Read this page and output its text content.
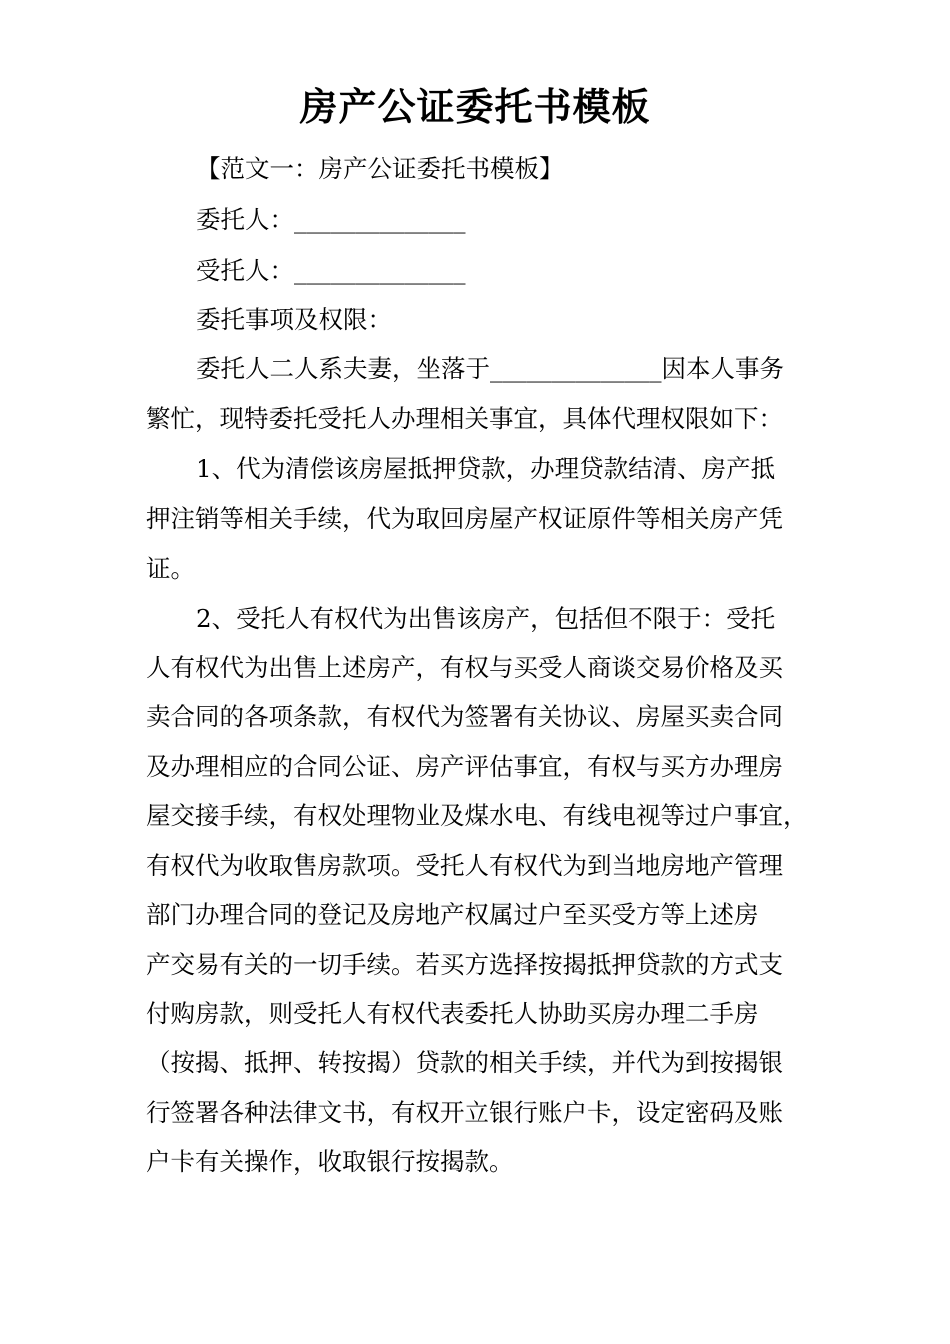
房产公证委托书模板
【范文一：房产公证委托书模板】
委托人：______________
受托人：______________
委托事项及权限：
委托人二人系夫妻，坐落于______________因本人事务
繁忙，现特委托受托人办理相关事宜，具体代理权限如下：
1、代为清偿该房屋抵押贷款，办理贷款结清、房产抵
押注销等相关手续，代为取回房屋产权证原件等相关房产凭
证。
2、受托人有权代为出售该房产，包括但不限于：受托
人有权代为出售上述房产，有权与买受人商谈交易价格及买
卖合同的各项条款，有权代为签署有关协议、房屋买卖合同
及办理相应的合同公证、房产评估事宜，有权与买方办理房
屋交接手续，有权处理物业及煤水电、有线电视等过户事宜，
有权代为收取售房款项。受托人有权代为到当地房地产管理
部门办理合同的登记及房地产权属过户至买受方等上述房
产交易有关的一切手续。若买方选择按揭抵押贷款的方式支
付购房款，则受托人有权代表委托人协助买房办理二手房
（按揭、抵押、转按揭）贷款的相关手续，并代为到按揭银
行签署各种法律文书，有权开立银行账户卡，设定密码及账
户卡有关操作，收取银行按揭款。
